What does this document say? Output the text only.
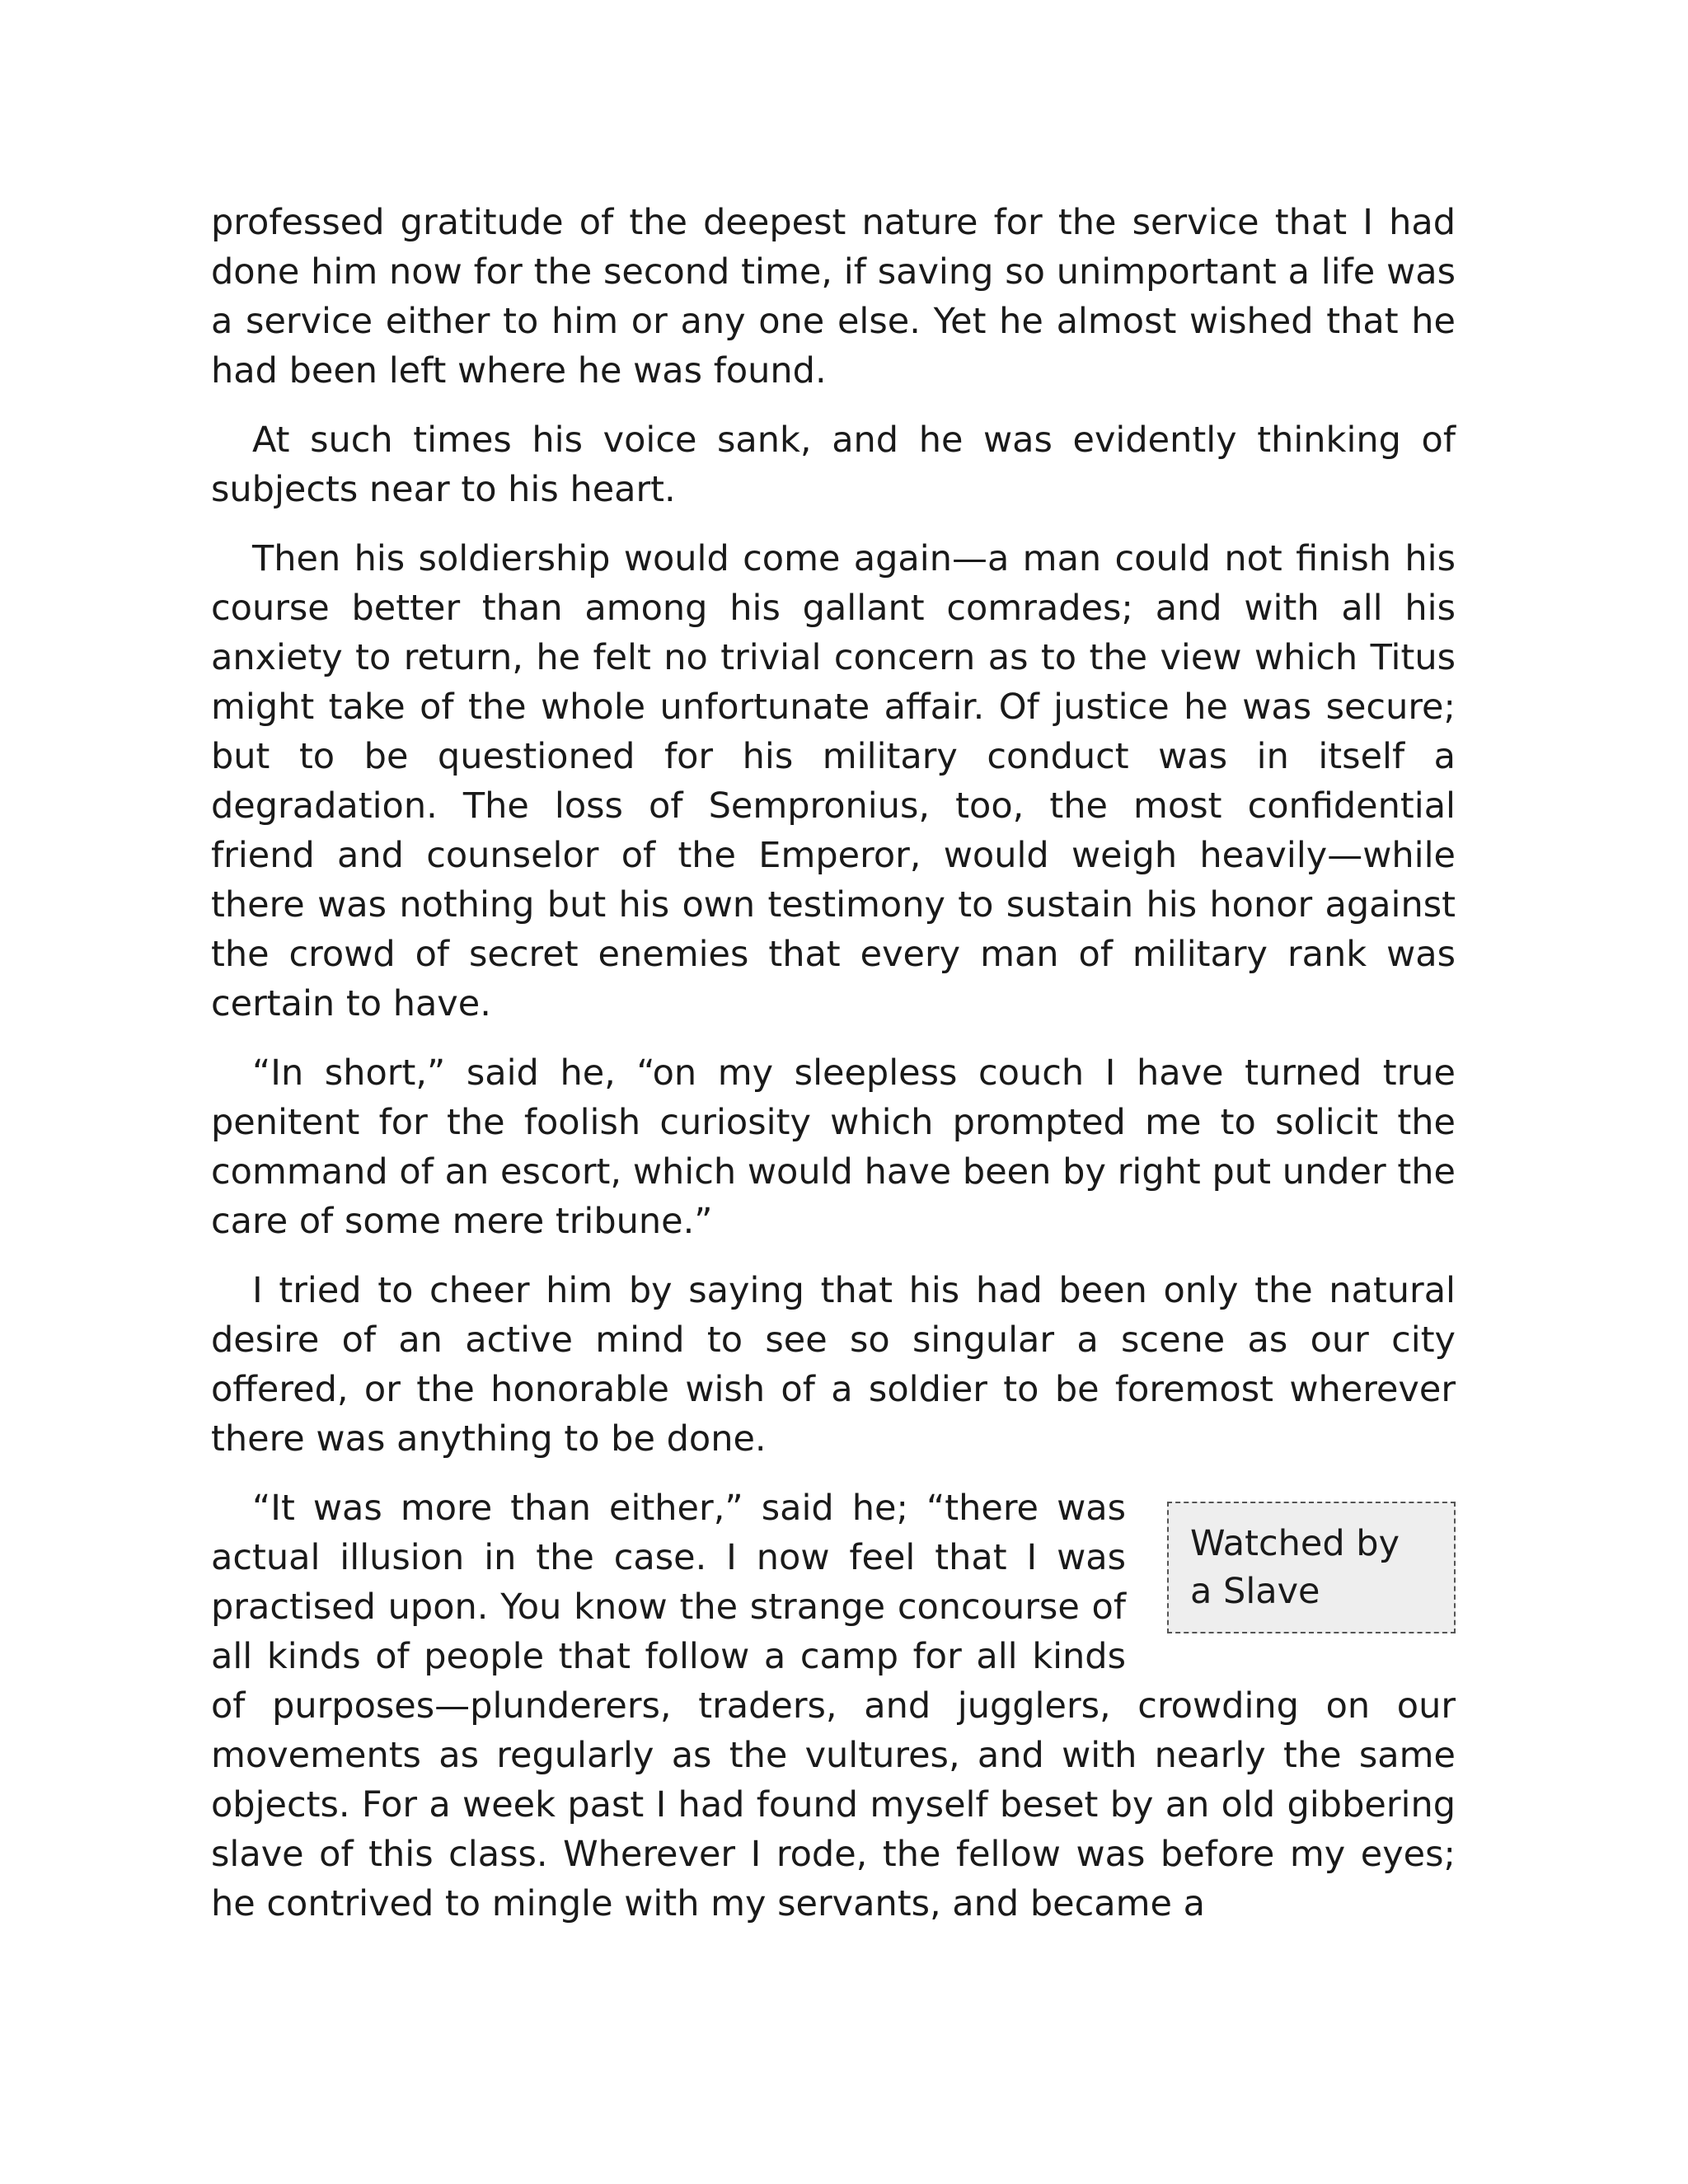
professed gratitude of the deepest nature for the service that I had done him now for the second time, if saving so unimportant a life was a service either to him or any one else. Yet he almost wished that he had been left where he was found.

At such times his voice sank, and he was evidently thinking of subjects near to his heart.

Then his soldiership would come again—a man could not finish his course better than among his gallant comrades; and with all his anxiety to return, he felt no trivial concern as to the view which Titus might take of the whole unfortunate affair. Of justice he was secure; but to be questioned for his military conduct was in itself a degradation. The loss of Sempronius, too, the most confidential friend and counselor of the Emperor, would weigh heavily—while there was nothing but his own testimony to sustain his honor against the crowd of secret enemies that every man of military rank was certain to have.

“In short,” said he, “on my sleepless couch I have turned true penitent for the foolish curiosity which prompted me to solicit the command of an escort, which would have been by right put under the care of some mere tribune.”

I tried to cheer him by saying that his had been only the natural desire of an active mind to see so singular a scene as our city offered, or the honorable wish of a soldier to be foremost wherever there was anything to be done.

Watched by a Slave

“It was more than either,” said he; “there was actual illusion in the case. I now feel that I was practised upon. You know the strange concourse of all kinds of people that follow a camp for all kinds of purposes—plunderers, traders, and jugglers, crowding on our movements as regularly as the vultures, and with nearly the same objects. For a week past I had found myself beset by an old gibbering slave of this class. Wherever I rode, the fellow was before my eyes; he contrived to mingle with my servants, and became a
